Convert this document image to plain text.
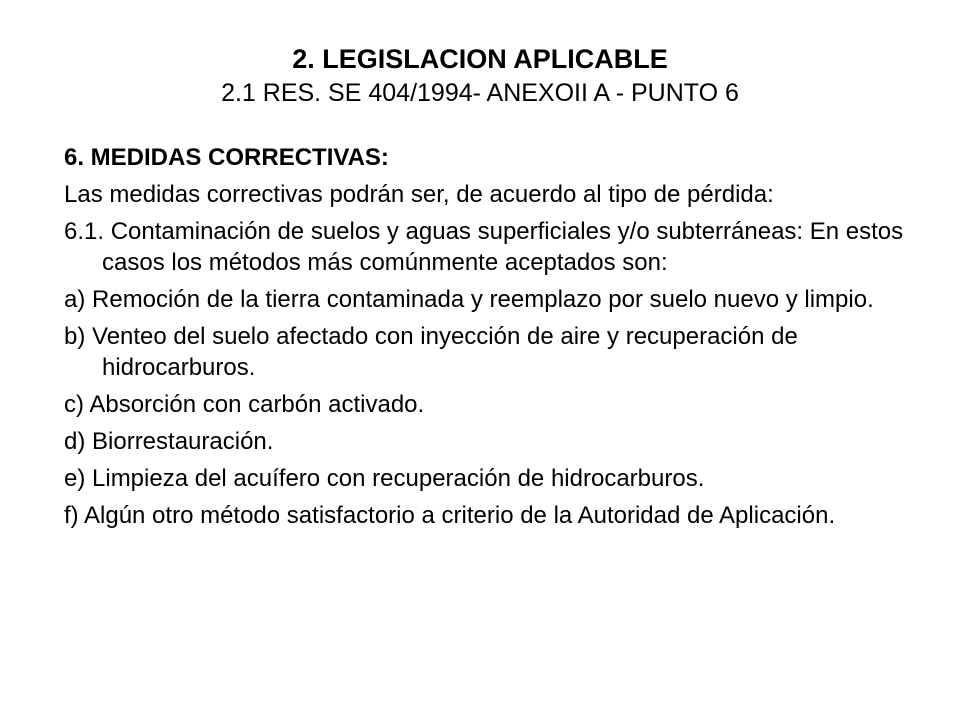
2. LEGISLACION APLICABLE
2.1 RES. SE 404/1994- ANEXOII A - PUNTO 6

6. MEDIDAS CORRECTIVAS:

Las medidas correctivas podrán ser, de acuerdo al tipo de pérdida:

6.1. Contaminación de suelos y aguas superficiales y/o subterráneas: En estos casos los métodos más comúnmente aceptados son:

a) Remoción de la tierra contaminada y reemplazo por suelo nuevo y limpio.

b) Venteo del suelo afectado con inyección de aire y recuperación de hidrocarburos.

c) Absorción con carbón activado.

d) Biorrestauración.

e) Limpieza del acuífero con recuperación de hidrocarburos.

f) Algún otro método satisfactorio a criterio de la Autoridad de Aplicación.
